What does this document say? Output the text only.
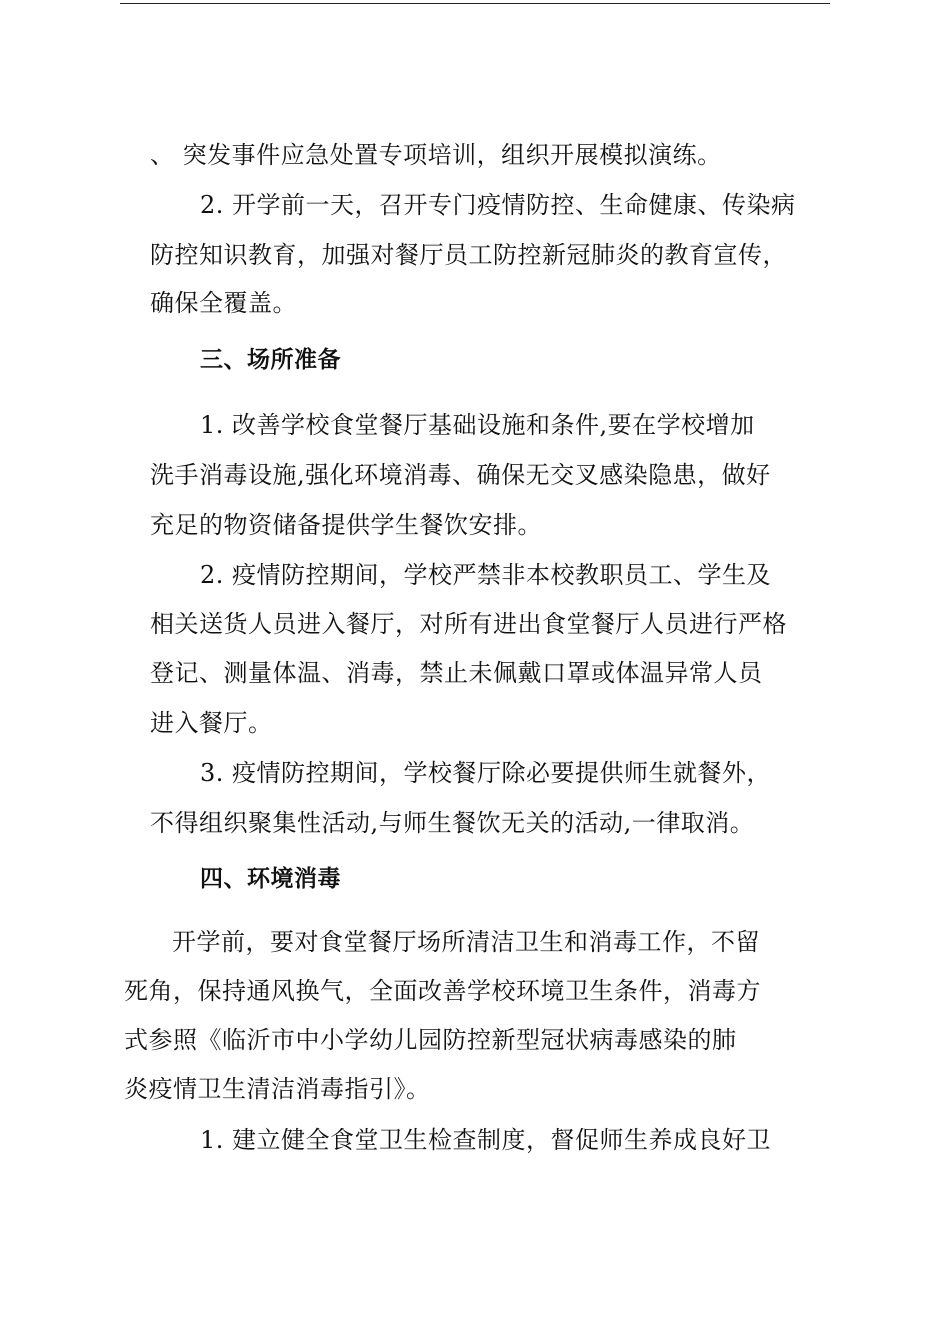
、 突发事件应急处置专项培训，组织开展模拟演练。
2. 开学前一天，召开专门疫情防控、生命健康、传染病
防控知识教育，加强对餐厅员工防控新冠肺炎的教育宣传，
确保全覆盖。
三、场所准备
1. 改善学校食堂餐厅基础设施和条件,要在学校增加
洗手消毒设施,强化环境消毒、确保无交叉感染隐患，做好
充足的物资储备提供学生餐饮安排。
2. 疫情防控期间，学校严禁非本校教职员工、学生及
相关送货人员进入餐厅，对所有进出食堂餐厅人员进行严格
登记、测量体温、消毒，禁止未佩戴口罩或体温异常人员
进入餐厅。
3. 疫情防控期间，学校餐厅除必要提供师生就餐外，
不得组织聚集性活动,与师生餐饮无关的活动,一律取消。
四、环境消毒
开学前，要对食堂餐厅场所清洁卫生和消毒工作，不留
死角，保持通风换气，全面改善学校环境卫生条件，消毒方
式参照《临沂市中小学幼儿园防控新型冠状病毒感染的肺
炎疫情卫生清洁消毒指引》。
1. 建立健全食堂卫生检查制度，督促师生养成良好卫
